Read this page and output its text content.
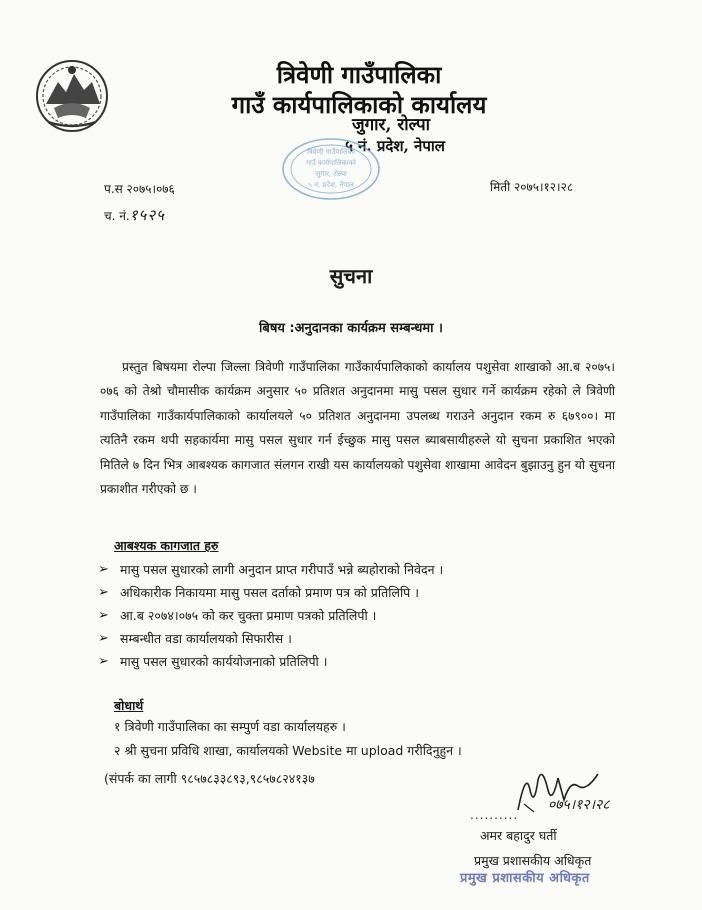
त्रिवेणी गाउँपालिका
गाउँ कार्यपालिकाको कार्यालय
जुगार, रोल्पा
५ नं. प्रदेश, नेपाल
त्रिवेणी गाउँपालिका
गाउँ कार्यपालिकाको
जुगार, रोल्पा
५ नं. प्रदेश, नेपाल
प.स २०७५।०७६
च. नं.१५२५
मिती २०७५।१२।२८
सुचना
बिषय :अनुदानका कार्यक्रम सम्बन्धमा ।

प्रस्तुत बिषयमा रोल्पा जिल्ला त्रिवेणी गाउँपालिका गाउँकार्यपालिकाको कार्यालय पशुसेवा शाखाको आ.ब २०७५।०७६ को तेश्रो चौमासीक कार्यक्रम अनुसार ५० प्रतिशत अनुदानमा मासु पसल सुधार गर्ने कार्यक्रम रहेको ले त्रिवेणी गाउँपालिका गाउँकार्यपालिकाको कार्यालयले ५० प्रतिशत अनुदानमा उपलब्ध गराउने अनुदान रकम रु ६७९००। मा त्यतिनै रकम थपी सहकार्यमा मासु पसल सुधार गर्न ईच्छुक मासु पसल ब्याबसायीहरुले यो सुचना प्रकाशित भएको मितिले ७ दिन भित्र आबश्यक कागजात संलगन राखी यस कार्यालयको पशुसेवा शाखामा आवेदन बुझाउनु हुन यो सुचना प्रकाशीत गरीएको छ ।

आबश्यक कागजात हरु
➢ मासु पसल सुधारको लागी अनुदान प्राप्त गरीपाउँ भन्ने ब्यहोराको निवेदन ।
➢ अधिकारीक निकायमा मासु पसल दर्ताको प्रमाण पत्र को प्रतिलिपि ।
➢ आ.ब २०७४।०७५ को कर चुक्ता प्रमाण पत्रको प्रतिलिपी ।
➢ सम्बन्धीत वडा कार्यालयको सिफारीस ।
➢ मासु पसल सुधारको कार्ययोजनाको प्रतिलिपी ।
बोधार्थ
१ त्रिवेणी गाउँपालिका का सम्पुर्ण वडा कार्यालयहरु ।
२ श्री सुचना प्रविधि शाखा, कार्यालयको Website मा upload गरीदिनुहुन ।
(संपर्क का लागी ९८५७८३३८९३,९८५७८२४१३७
०७५।१२।२८
..........
अमर बहादुर घर्ती
प्रमुख प्रशासकीय अधिकृत
प्रमुख प्रशासकीय अधिकृत
